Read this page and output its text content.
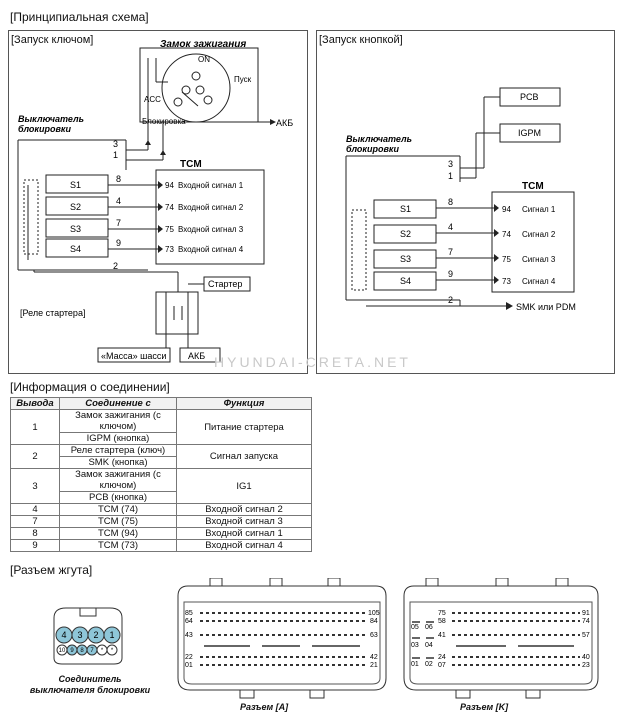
[Принципиальная схема]
[Запуск ключом]	[Запуск кнопкой]
Замок зажигания
ON
Пуск
ACC
Блокировка	АКБ
Выключатель
блокировки
3
1
TCM
S1
S2
S3
S4
8
4
7
9
94
74
75
73
Входной сигнал 1
Входной сигнал 2
Входной сигнал 3
Входной сигнал 4
2
Стартер
[Реле стартера]
«Масса» шасси АКБ
PCB
IGPM
Выключатель
блокировки
3
1
TCM
S1
S2
S3
S4
8
4
7
9
94
74
75
73
Сигнал 1
Сигнал 2
Сигнал 3
Сигнал 4
2
SMK или PDM
HYUNDAI-CRETA.NET
[Информация о соединении]
Вывода	Соединение с	Функция
1	Замок зажигания (с ключом)	Питание стартера
	IGPM (кнопка)	
2	Реле стартера (ключ)	Сигнал запуска
	SMK (кнопка)	
3	Замок зажигания (с ключом)	IG1
	PCB (кнопка)	
4	TCM (74)	Входной сигнал 2
7	TCM (75)	Входной сигнал 3
8	TCM (94)	Входной сигнал 1
9	TCM (73)	Входной сигнал 4
[Разъем жгута]
4 3 2 1
10 9 8 7 * *
Соединитель
выключателя блокировки
85	105
64	84
43	63
22	42
01	21
Разъем [A]
75	91
58	74
41	57
24	40
07	23
05 06
03 04
01 02
Разъем [K]
